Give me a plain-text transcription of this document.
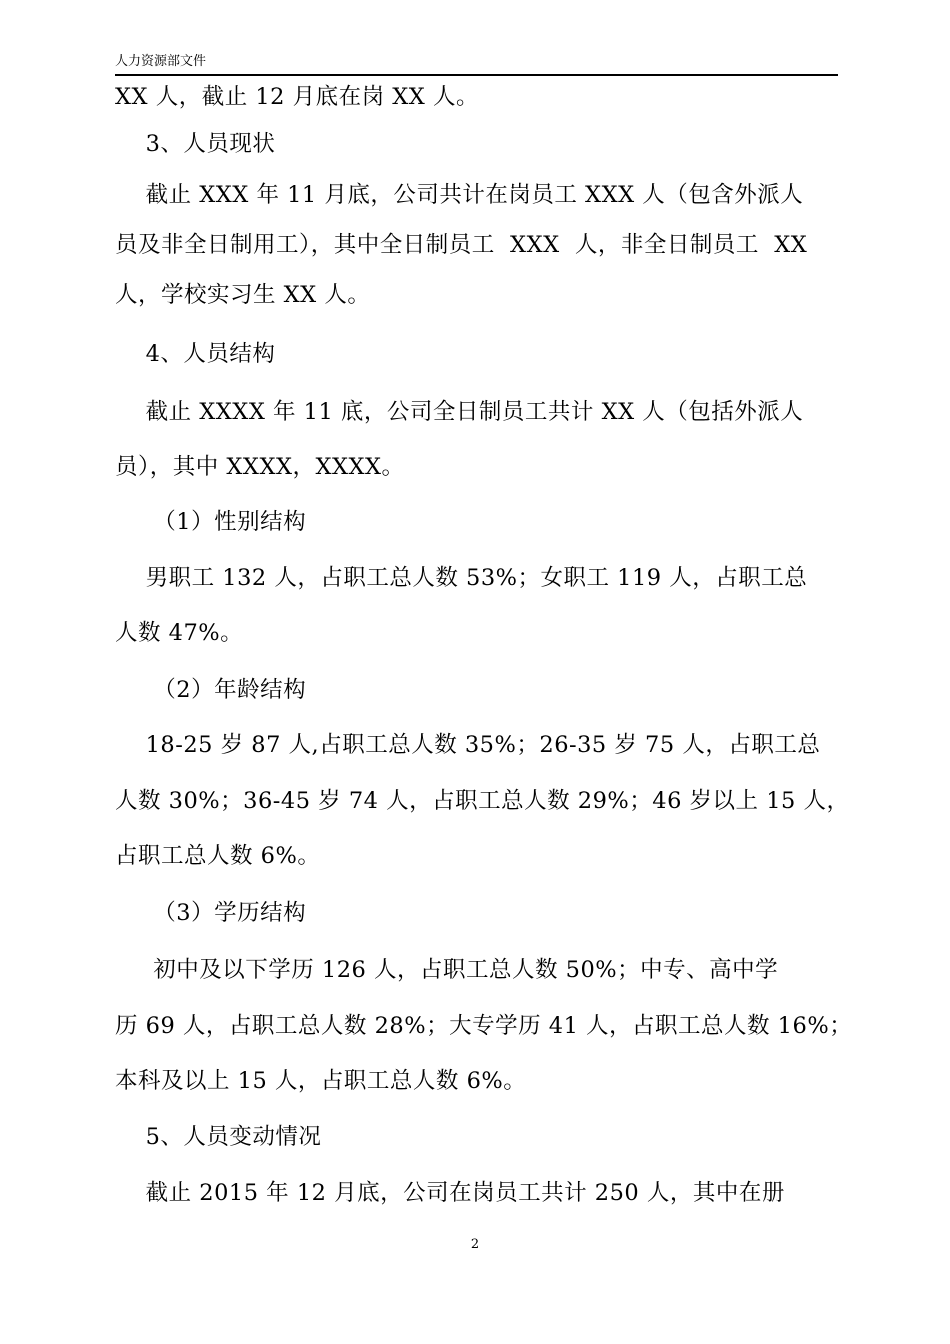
人力资源部文件
XX 人，截止 12 月底在岗 XX 人。
3、人员现状
截止 XXX 年 11 月底，公司共计在岗员工 XXX 人（包含外派人
员及非全日制用工），其中全日制员工  XXX  人，非全日制员工  XX
人，学校实习生 XX 人。
4、人员结构
截止 XXXX 年 11 底，公司全日制员工共计 XX 人（包括外派人
员），其中 XXXX，XXXX。
（1）性别结构
男职工 132 人，占职工总人数 53%；女职工 119 人，占职工总
人数 47%。
（2）年龄结构
18-25 岁 87 人,占职工总人数 35%；26-35 岁 75 人，占职工总
人数 30%；36-45 岁 74 人，占职工总人数 29%；46 岁以上 15 人，
占职工总人数 6%。
（3）学历结构
初中及以下学历 126 人，占职工总人数 50%；中专、高中学
历 69 人，占职工总人数 28%；大专学历 41 人，占职工总人数 16%；
本科及以上 15 人，占职工总人数 6%。
5、人员变动情况
截止 2015 年 12 月底，公司在岗员工共计 250 人，其中在册
2
